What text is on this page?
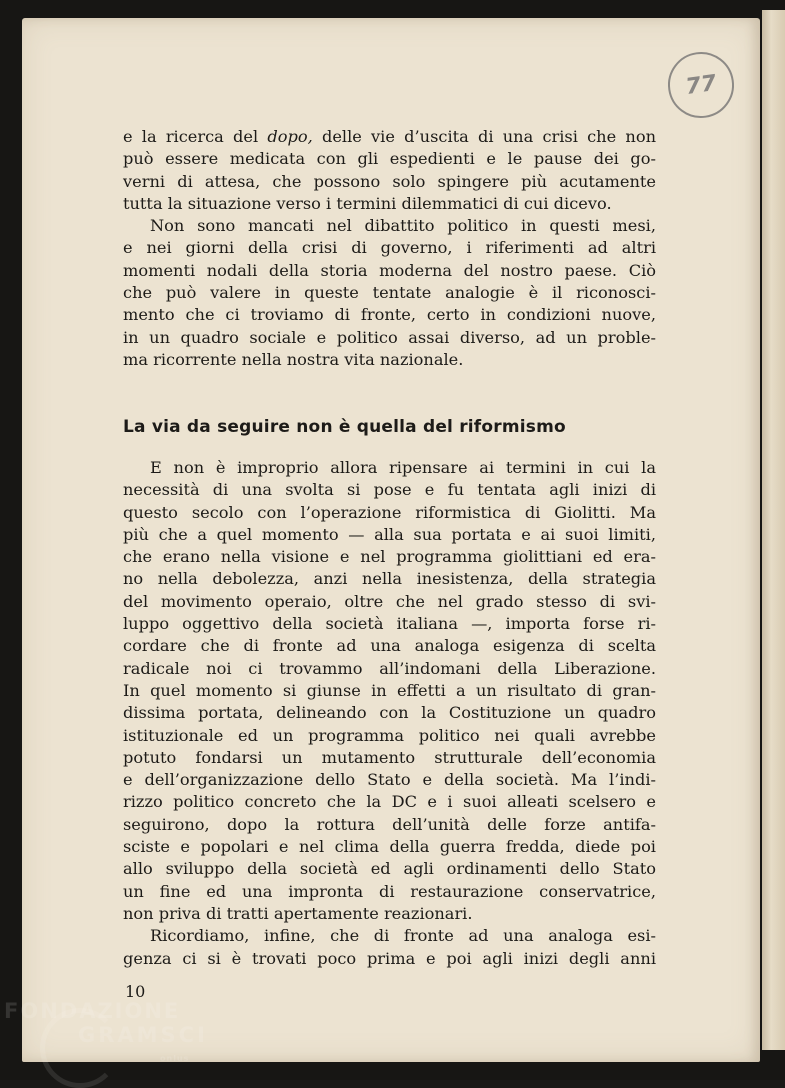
77
e la ricerca del dopo, delle vie d’uscita di una crisi che non
può essere medicata con gli espedienti e le pause dei go-
verni di attesa, che possono solo spingere più acutamente
tutta la situazione verso i termini dilemmatici di cui dicevo.
Non sono mancati nel dibattito politico in questi mesi,
e nei giorni della crisi di governo, i riferimenti ad altri
momenti nodali della storia moderna del nostro paese. Ciò
che può valere in queste tentate analogie è il riconosci-
mento che ci troviamo di fronte, certo in condizioni nuove,
in un quadro sociale e politico assai diverso, ad un proble-
ma ricorrente nella nostra vita nazionale.
La via da seguire non è quella del riformismo
E non è improprio allora ripensare ai termini in cui la
necessità di una svolta si pose e fu tentata agli inizi di
questo secolo con l’operazione riformistica di Giolitti. Ma
più che a quel momento — alla sua portata e ai suoi limiti,
che erano nella visione e nel programma giolittiani ed era-
no nella debolezza, anzi nella inesistenza, della strategia
del movimento operaio, oltre che nel grado stesso di svi-
luppo oggettivo della società italiana —, importa forse ri-
cordare che di fronte ad una analoga esigenza di scelta
radicale noi ci trovammo all’indomani della Liberazione.
In quel momento si giunse in effetti a un risultato di gran-
dissima portata, delineando con la Costituzione un quadro
istituzionale ed un programma politico nei quali avrebbe
potuto fondarsi un mutamento strutturale dell’economia
e dell’organizzazione dello Stato e della società. Ma l’indi-
rizzo politico concreto che la DC e i suoi alleati scelsero e
seguirono, dopo la rottura dell’unità delle forze antifa-
sciste e popolari e nel clima della guerra fredda, diede poi
allo sviluppo della società ed agli ordinamenti dello Stato
un fine ed una impronta di restaurazione conservatrice,
non priva di tratti apertamente reazionari.
Ricordiamo, infine, che di fronte ad una analoga esi-
genza ci si è trovati poco prima e poi agli inizi degli anni
10
FONDAZIONE
GRAMSCI
onlus
